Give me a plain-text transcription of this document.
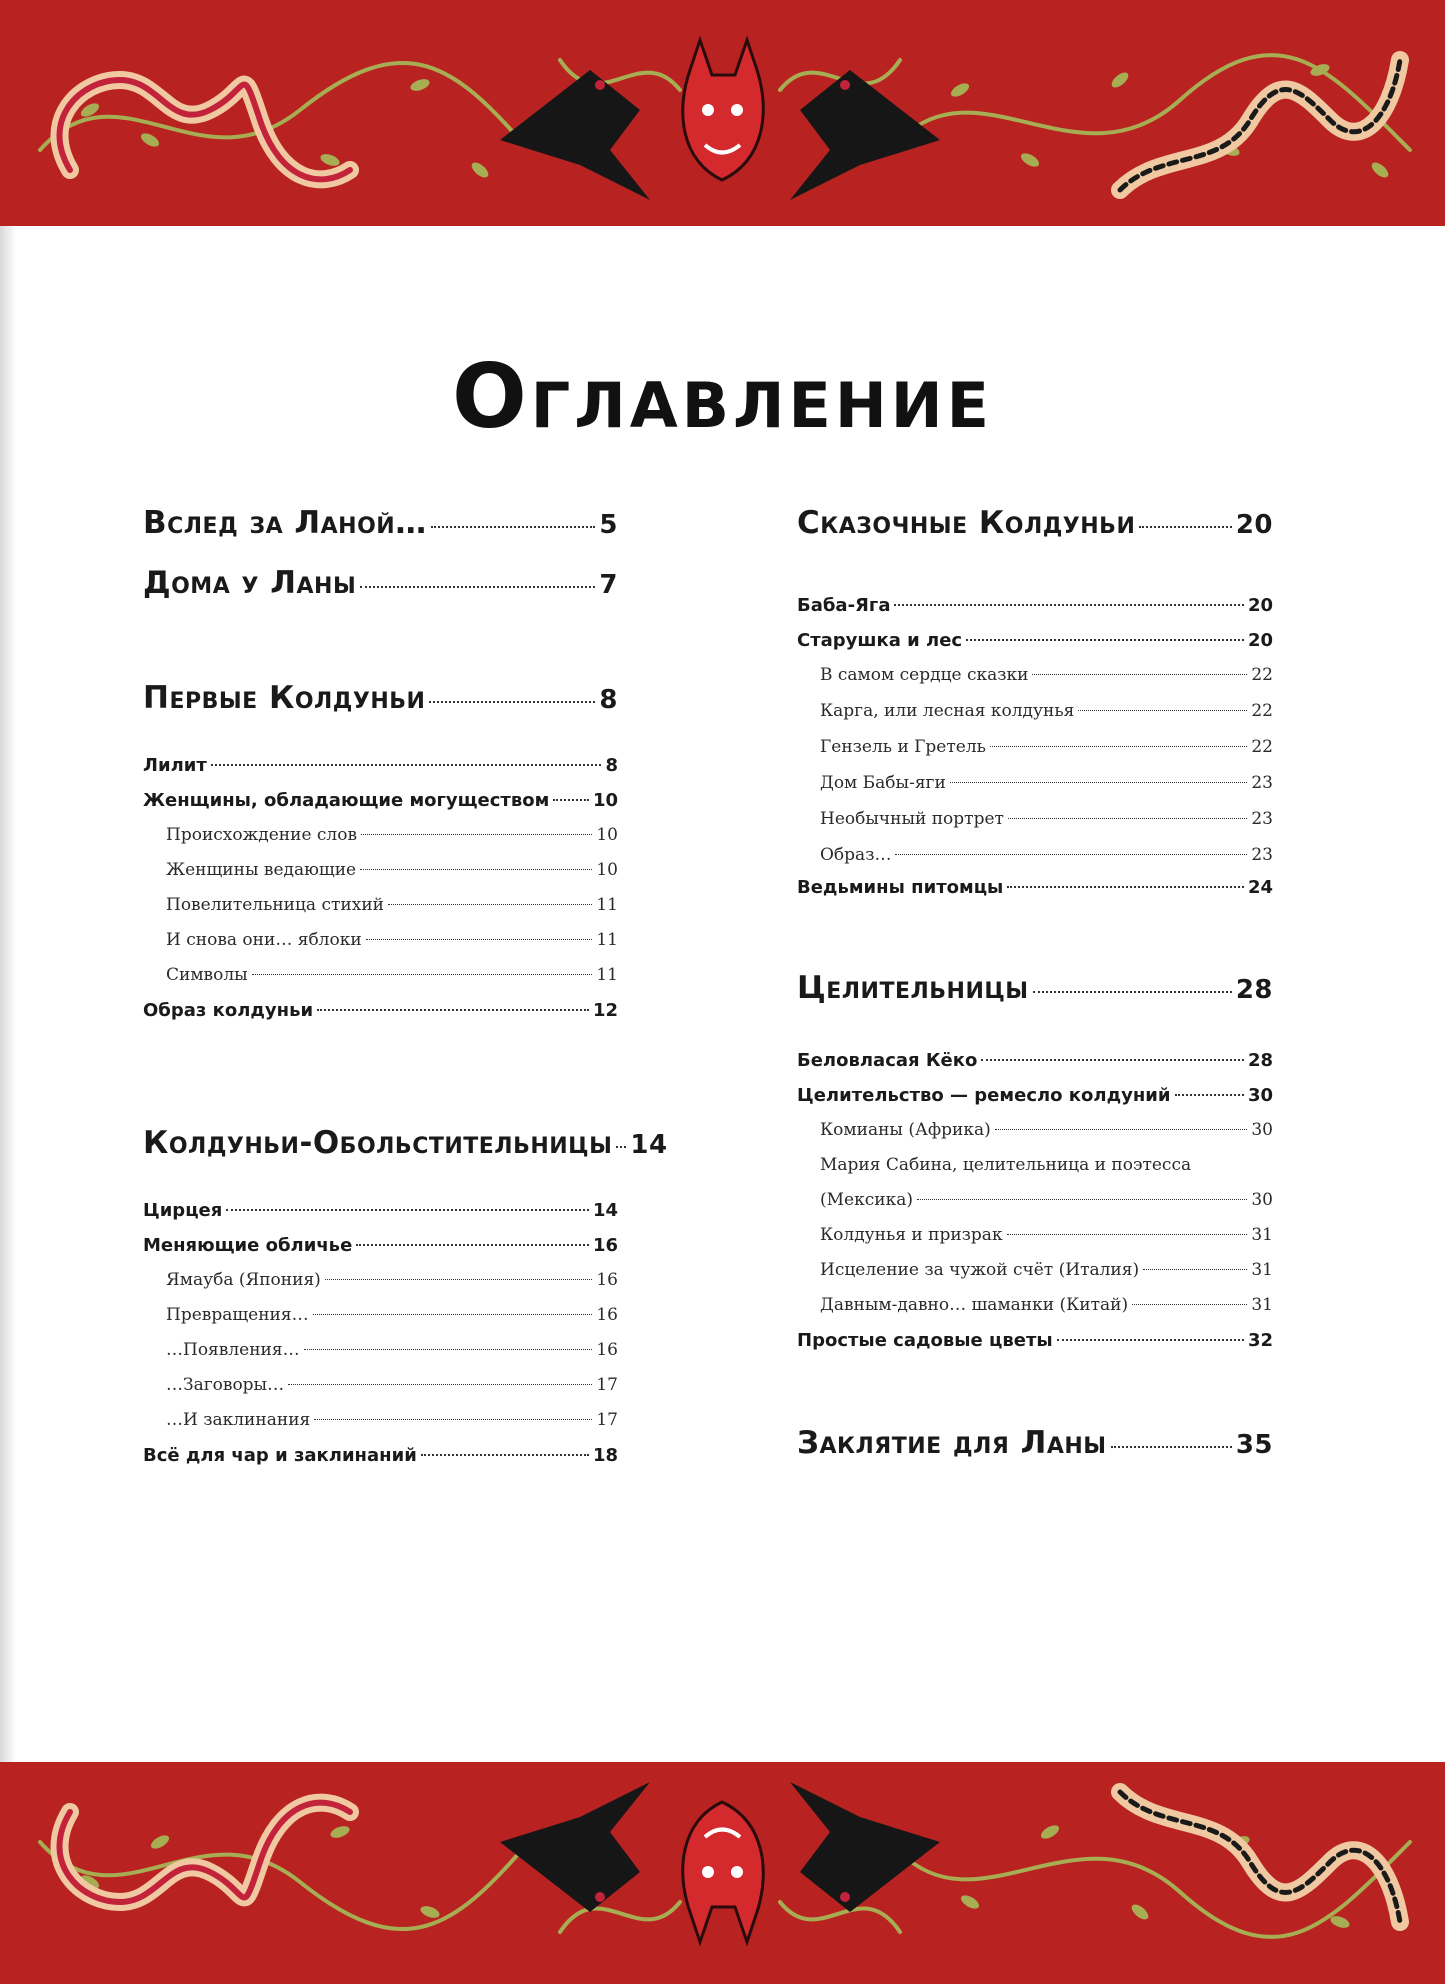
Оглавление
Вслед за Ланой…	5
Дома у Ланы	7
Первые Колдуньи	8
Лилит	8
Женщины, обладающие могуществом 10
Происхождение слов	10
Женщины ведающие	10
Повелительница стихий	11
И снова они… яблоки	11
Символы	11
Образ колдуньи	12
Колдуньи-Обольстительницы 14
Цирцея	14
Меняющие обличье	16
Ямауба (Япония)	16
Превращения…	16
…Появления…	16
…Заговоры…	17
…И заклинания	17
Всё для чар и заклинаний	18
Сказочные Колдуньи	20
Баба-Яга	20
Старушка и лес	20
В самом сердце сказки	22
Карга, или лесная колдунья	22
Гензель и Гретель	22
Дом Бабы-яги	23
Необычный портрет	23
Образ…	23
Ведьмины питомцы	24
Целительницы	28
Беловласая Кёко	28
Целительство — ремесло колдуний	30
Комианы (Африка)	30
Мария Сабина, целительница и поэтесса
(Мексика)	30
Колдунья и призрак	31
Исцеление за чужой счёт (Италия)	31
Давным-давно… шаманки (Китай)	31
Простые садовые цветы	32
Заклятие для Ланы	35
